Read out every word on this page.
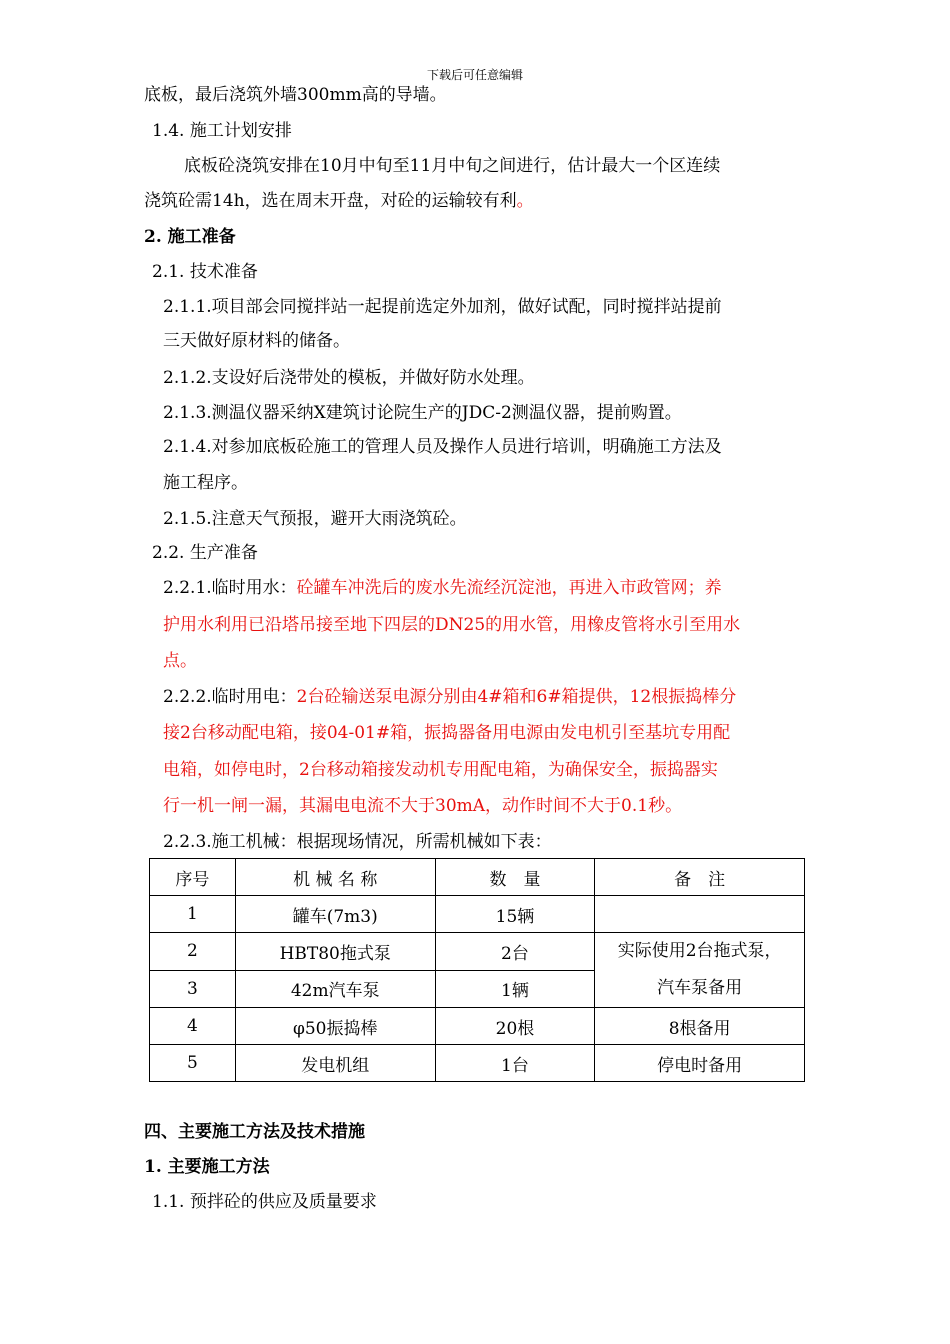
下载后可任意编辑
底板，最后浇筑外墙300mm高的导墙。
1.4. 施工计划安排
底板砼浇筑安排在10月中旬至11月中旬之间进行，估计最大一个区连续
浇筑砼需14h，选在周末开盘，对砼的运输较有利。
2. 施工准备
2.1. 技术准备
2.1.1.项目部会同搅拌站一起提前选定外加剂，做好试配，同时搅拌站提前
三天做好原材料的储备。
2.1.2.支设好后浇带处的模板，并做好防水处理。
2.1.3.测温仪器采纳X建筑讨论院生产的JDC-2测温仪器，提前购置。
2.1.4.对参加底板砼施工的管理人员及操作人员进行培训，明确施工方法及
施工程序。
2.1.5.注意天气预报，避开大雨浇筑砼。
2.2. 生产准备
2.2.1.临时用水：砼罐车冲洗后的废水先流经沉淀池，再进入市政管网；养
护用水利用已沿塔吊接至地下四层的DN25的用水管，用橡皮管将水引至用水
点。
2.2.2.临时用电：2台砼输送泵电源分别由4#箱和6#箱提供，12根振捣棒分
接2台移动配电箱，接04-01#箱，振捣器备用电源由发电机引至基坑专用配
电箱，如停电时，2台移动箱接发动机专用配电箱，为确保安全，振捣器实
行一机一闸一漏，其漏电电流不大于30mA，动作时间不大于0.1秒。
2.2.3.施工机械：根据现场情况，所需机械如下表：
序号	机 械 名 称	数　量	备　注
1	罐车(7m3)	15辆	
2	HBT80拖式泵	2台	实际使用2台拖式泵，
汽车泵备用
3	42m汽车泵	1辆	
4	φ50振捣棒	20根	8根备用
5	发电机组	1台	停电时备用
四、主要施工方法及技术措施
1. 主要施工方法
1.1. 预拌砼的供应及质量要求
